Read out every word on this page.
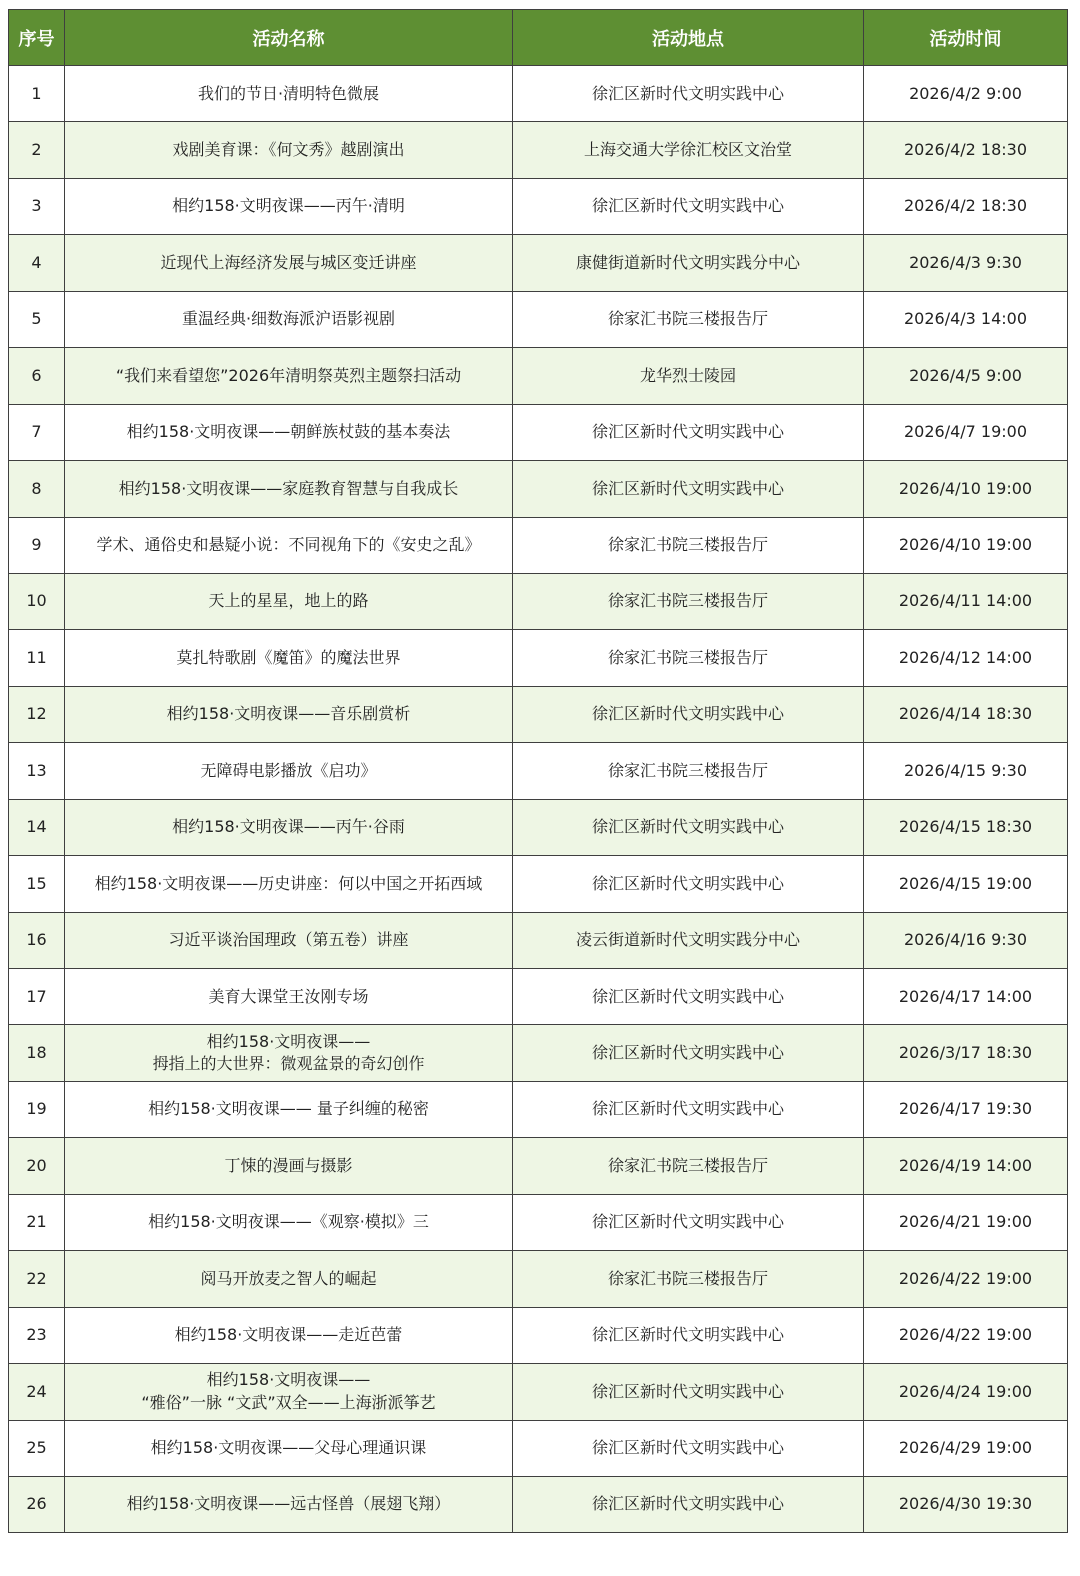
序号	活动名称	活动地点	活动时间
1	我们的节日·清明特色微展	徐汇区新时代文明实践中心	2026/4/2 9:00
2	戏剧美育课：《何文秀》越剧演出	上海交通大学徐汇校区文治堂	2026/4/2 18:30
3	相约158·文明夜课——丙午·清明	徐汇区新时代文明实践中心	2026/4/2 18:30
4	近现代上海经济发展与城区变迁讲座	康健街道新时代文明实践分中心	2026/4/3 9:30
5	重温经典·细数海派沪语影视剧	徐家汇书院三楼报告厅	2026/4/3 14:00
6	“我们来看望您”2026年清明祭英烈主题祭扫活动	龙华烈士陵园	2026/4/5 9:00
7	相约158·文明夜课——朝鲜族杖鼓的基本奏法	徐汇区新时代文明实践中心	2026/4/7 19:00
8	相约158·文明夜课——家庭教育智慧与自我成长	徐汇区新时代文明实践中心	2026/4/10 19:00
9	学术、通俗史和悬疑小说：不同视角下的《安史之乱》	徐家汇书院三楼报告厅	2026/4/10 19:00
10	天上的星星，地上的路	徐家汇书院三楼报告厅	2026/4/11 14:00
11	莫扎特歌剧《魔笛》的魔法世界	徐家汇书院三楼报告厅	2026/4/12 14:00
12	相约158·文明夜课——音乐剧赏析	徐汇区新时代文明实践中心	2026/4/14 18:30
13	无障碍电影播放《启功》	徐家汇书院三楼报告厅	2026/4/15 9:30
14	相约158·文明夜课——丙午·谷雨	徐汇区新时代文明实践中心	2026/4/15 18:30
15	相约158·文明夜课——历史讲座：何以中国之开拓西域	徐汇区新时代文明实践中心	2026/4/15 19:00
16	习近平谈治国理政（第五卷）讲座	凌云街道新时代文明实践分中心	2026/4/16 9:30
17	美育大课堂王汝刚专场	徐汇区新时代文明实践中心	2026/4/17 14:00
18	相约158·文明夜课——
拇指上的大世界：微观盆景的奇幻创作	徐汇区新时代文明实践中心	2026/3/17 18:30
19	相约158·文明夜课—— 量子纠缠的秘密	徐汇区新时代文明实践中心	2026/4/17 19:30
20	丁悚的漫画与摄影	徐家汇书院三楼报告厅	2026/4/19 14:00
21	相约158·文明夜课——《观察·模拟》三	徐汇区新时代文明实践中心	2026/4/21 19:00
22	阅马开放麦之智人的崛起	徐家汇书院三楼报告厅	2026/4/22 19:00
23	相约158·文明夜课——走近芭蕾	徐汇区新时代文明实践中心	2026/4/22 19:00
24	相约158·文明夜课——
“雅俗”一脉 “文武”双全——上海浙派筝艺	徐汇区新时代文明实践中心	2026/4/24 19:00
25	相约158·文明夜课——父母心理通识课	徐汇区新时代文明实践中心	2026/4/29 19:00
26	相约158·文明夜课——远古怪兽（展翅飞翔）	徐汇区新时代文明实践中心	2026/4/30 19:30
